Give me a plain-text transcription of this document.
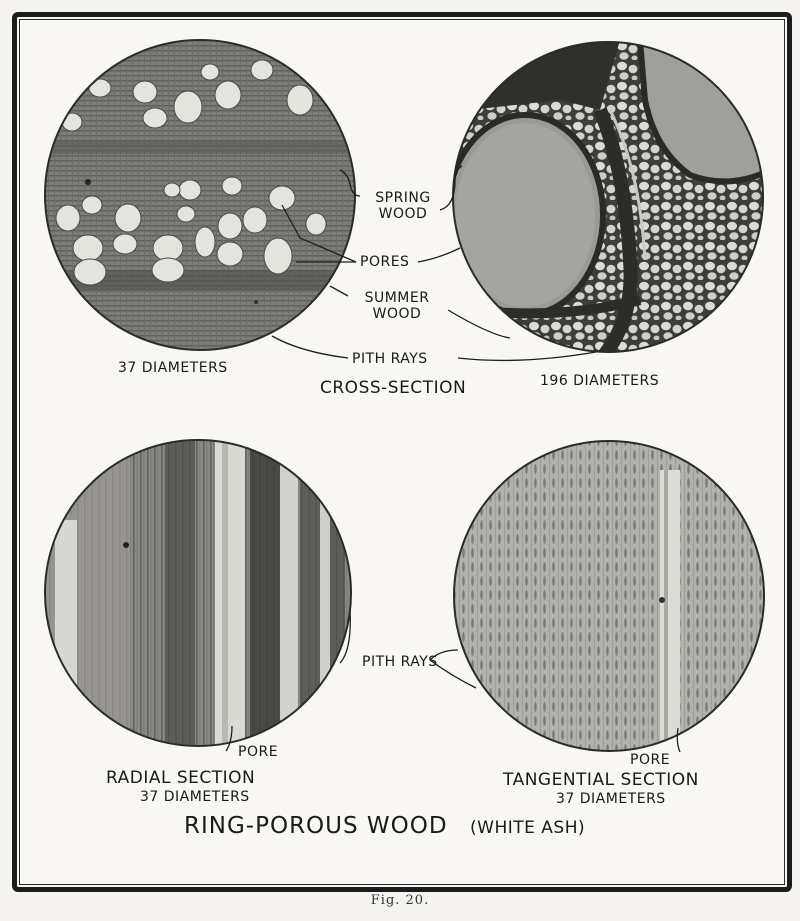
SPRING
WOOD
PORES
SUMMER
WOOD
PITH RAYS
37 DIAMETERS
196 DIAMETERS
CROSS-SECTION
PITH RAYS
PORE	PORE
RADIAL SECTION
37 DIAMETERS
TANGENTIAL SECTION
37 DIAMETERS
RING-POROUS WOOD (WHITE ASH)
Fig. 20.
